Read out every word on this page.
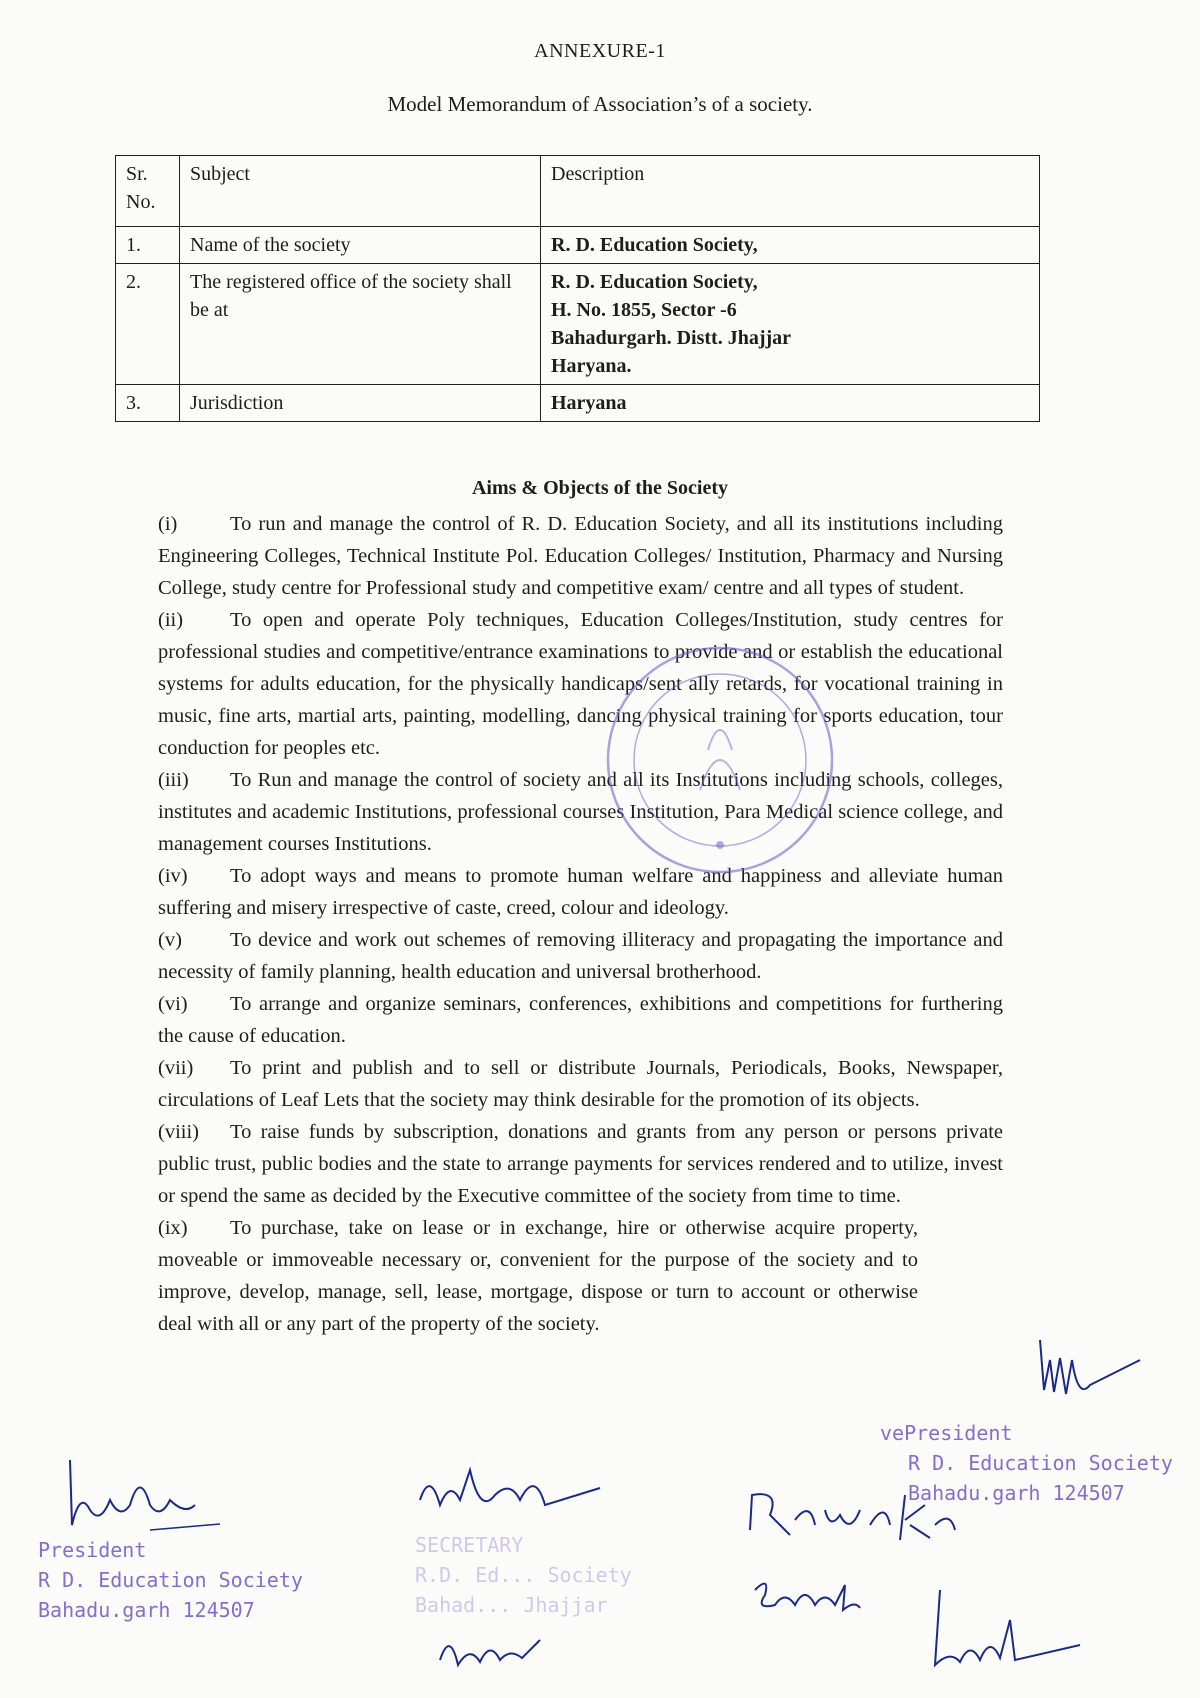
ANNEXURE-1
Model Memorandum of Association’s of a society.
Sr. No.	Subject	Description
1.	Name of the society	R. D. Education Society,

2.	The registered office of the society shall be at	R. D. Education Society,
H. No. 1855, Sector -6
Bahadurgarh. Distt. Jhajjar
Haryana.

3.	Jurisdiction	Haryana
Aims & Objects of the Society

(i)	To run and manage the control of R. D. Education Society, and all its institutions including Engineering Colleges, Technical Institute Pol. Education Colleges/ Institution, Pharmacy and Nursing College, study centre for Professional study and competitive exam/ centre and all types of student.

(ii) To open and operate Poly techniques, Education Colleges/Institution, study centres for professional studies and competitive/entrance examinations to provide and or establish the educational systems for adults education, for the physically handicaps/sent ally retards, for vocational training in music, fine arts, martial arts, painting, modelling, dancing physical training for sports education, tour conduction for peoples etc.

(iii) To Run and manage the control of society and all its Institutions including schools, colleges, institutes and academic Institutions, professional courses Institution, Para Medical science college, and management courses Institutions.

(iv) To adopt ways and means to promote human welfare and happiness and alleviate human suffering and misery irrespective of caste, creed, colour and ideology.

(v) To device and work out schemes of removing illiteracy and propagating the importance and necessity of family planning, health education and universal brotherhood.

(vi) To arrange and organize seminars, conferences, exhibitions and competitions for furthering the cause of education.

(vii) To print and publish and to sell or distribute Journals, Periodicals, Books, Newspaper, circulations of Leaf Lets that the society may think desirable for the promotion of its objects.

(viii) To raise funds by subscription, donations and grants from any person or persons private public trust, public bodies and the state to arrange payments for services rendered and to utilize, invest or spend the same as decided by the Executive committee of the society from time to time.

(ix) To purchase, take on lease or in exchange, hire or otherwise acquire property, moveable or immoveable necessary or, convenient for the purpose of the society and to improve, develop, manage, sell, lease, mortgage, dispose or turn to account or otherwise deal with all or any part of the property of the society.

vePresident
R D. Education Society
Bahadu.garh 124507
President
R D. Education Society
Bahadu.garh 124507
SECRETARY
R.D. Ed... Society
Bahad... Jhajjar
